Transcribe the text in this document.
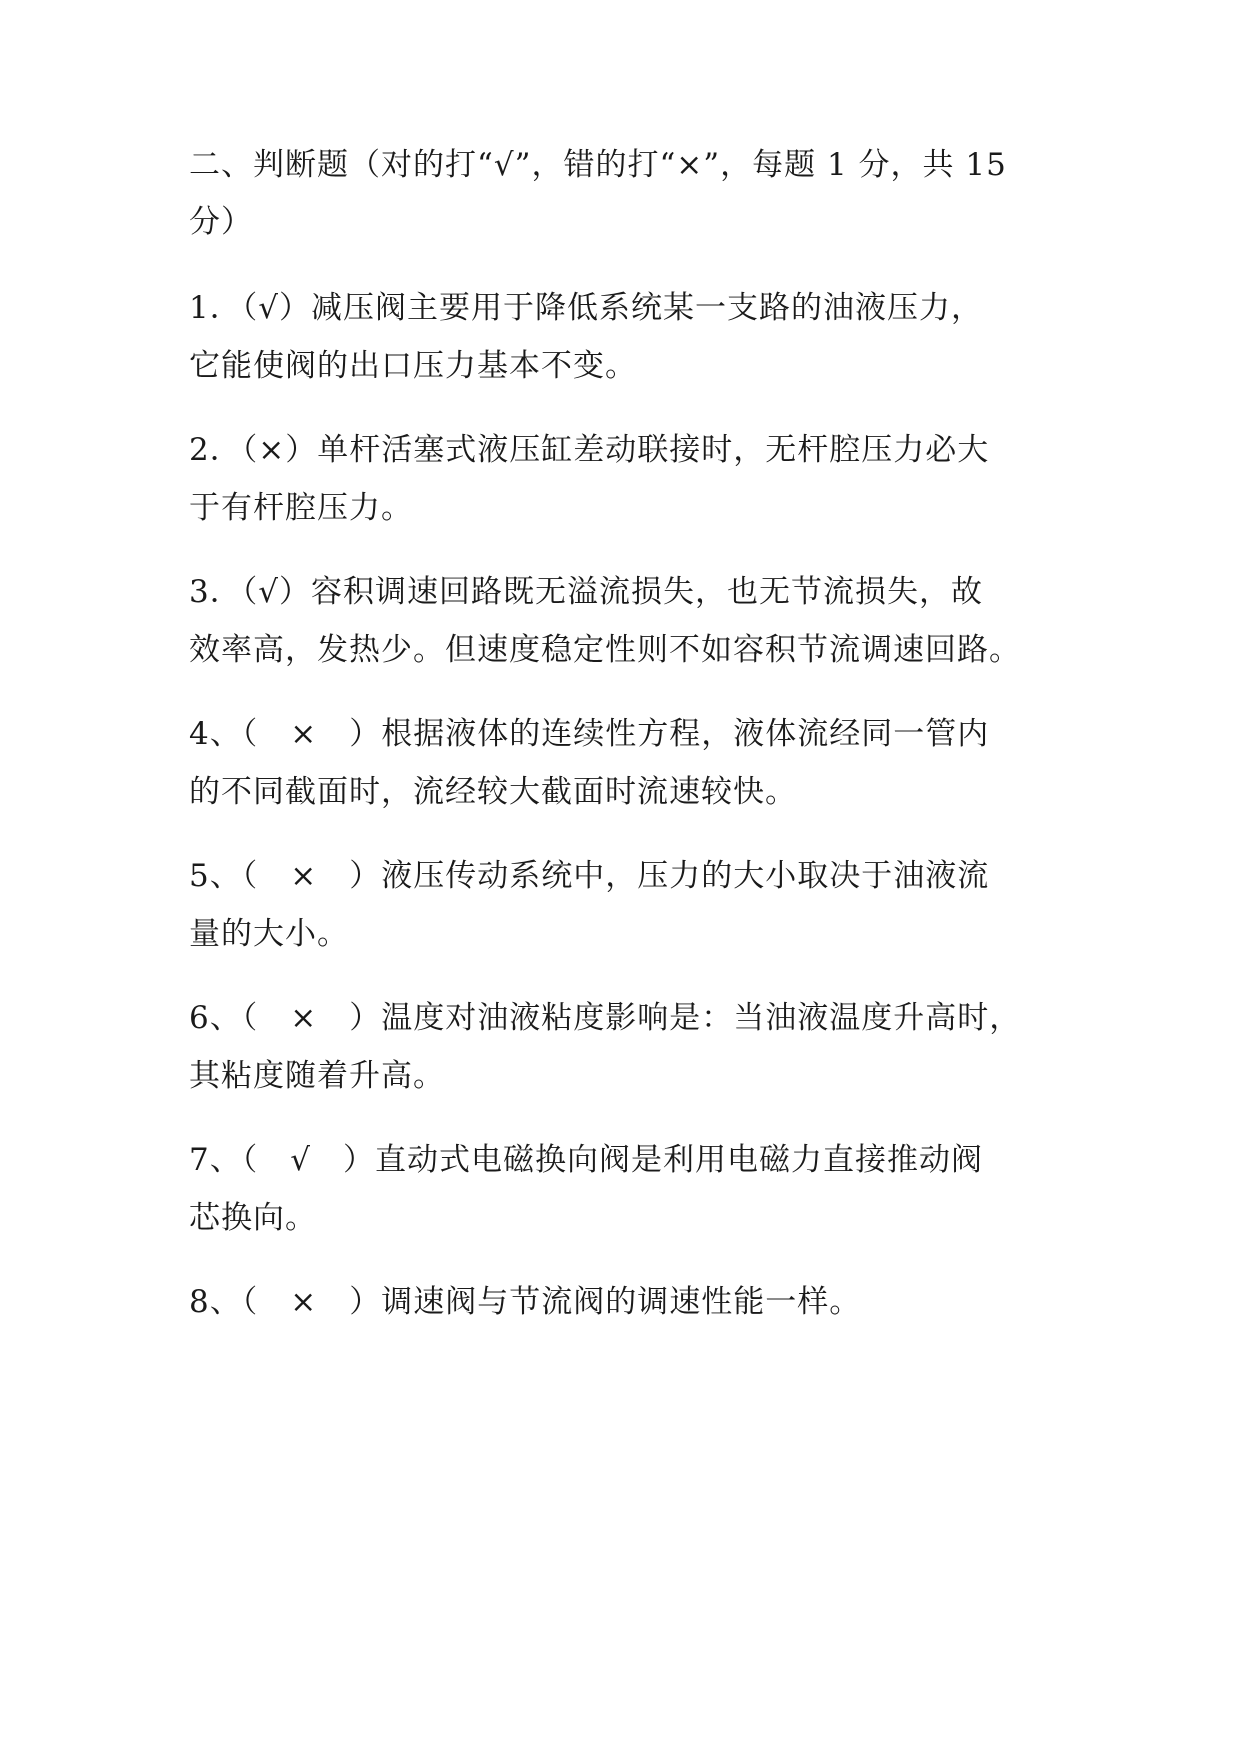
二、判断题（对的打“√”，错的打“×”，每题 1 分，共 15

分）

1．（√）减压阀主要用于降低系统某一支路的油液压力，

它能使阀的出口压力基本不变。

2．（×）单杆活塞式液压缸差动联接时，无杆腔压力必大

于有杆腔压力。

3．（√）容积调速回路既无溢流损失，也无节流损失，故

效率高，发热少。但速度稳定性则不如容积节流调速回路。

4、（　×　）根据液体的连续性方程，液体流经同一管内

的不同截面时，流经较大截面时流速较快。

5、（　×　）液压传动系统中，压力的大小取决于油液流

量的大小。

6、（　×　）温度对油液粘度影响是：当油液温度升高时，

其粘度随着升高。

7、（　√　）直动式电磁换向阀是利用电磁力直接推动阀

芯换向。

8、（　×　）调速阀与节流阀的调速性能一样。
